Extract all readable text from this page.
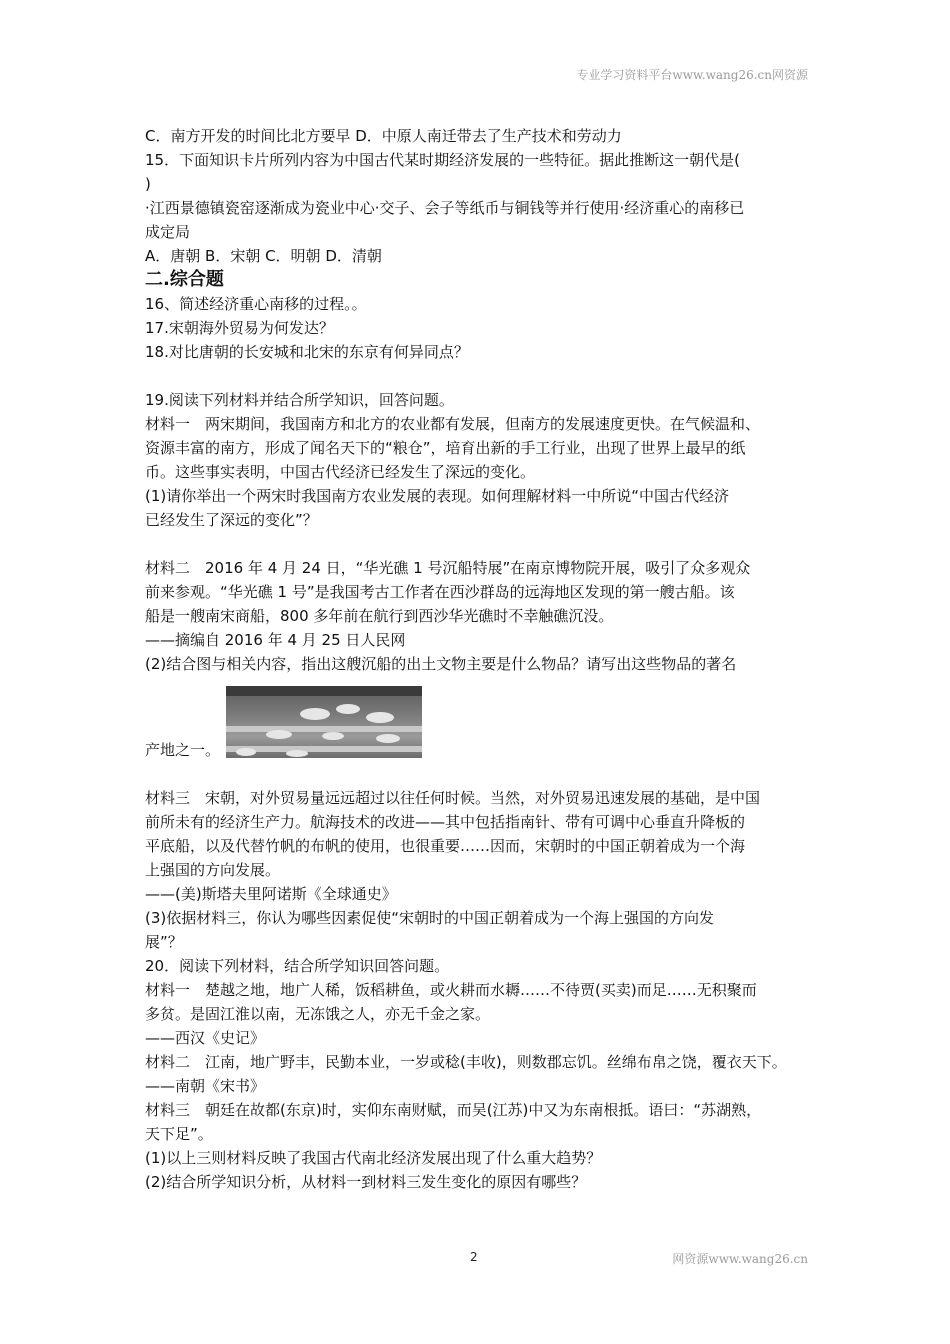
专业学习资料平台www.wang26.cn网资源

C．南方开发的时间比北方要早 D．中原人南迁带去了生产技术和劳动力

15．下面知识卡片所列内容为中国古代某时期经济发展的一些特征。据此推断这一朝代是(

)

·江西景德镇瓷窑逐渐成为瓷业中心·交子、会子等纸币与铜钱等并行使用·经济重心的南移已

成定局

A．唐朝 B．宋朝 C．明朝 D．清朝

二.综合题

16、简述经济重心南移的过程。。

17.宋朝海外贸易为何发达？

18.对比唐朝的长安城和北宋的东京有何异同点？

19.阅读下列材料并结合所学知识，回答问题。

材料一　两宋期间，我国南方和北方的农业都有发展，但南方的发展速度更快。在气候温和、

资源丰富的南方，形成了闻名天下的“粮仓”，培育出新的手工行业，出现了世界上最早的纸

币。这些事实表明，中国古代经济已经发生了深远的变化。

(1)请你举出一个两宋时我国南方农业发展的表现。如何理解材料一中所说“中国古代经济

已经发生了深远的变化”？

材料二　2016 年 4 月 24 日，“华光礁 1 号沉船特展”在南京博物院开展，吸引了众多观众

前来参观。“华光礁 1 号”是我国考古工作者在西沙群岛的远海地区发现的第一艘古船。该

船是一艘南宋商船，800 多年前在航行到西沙华光礁时不幸触礁沉没。

——摘编自 2016 年 4 月 25 日人民网

(2)结合图与相关内容，指出这艘沉船的出土文物主要是什么物品？请写出这些物品的著名

产地之一。

材料三　宋朝，对外贸易量远远超过以往任何时候。当然，对外贸易迅速发展的基础，是中国

前所未有的经济生产力。航海技术的改进——其中包括指南针、带有可调中心垂直升降板的

平底船，以及代替竹帆的布帆的使用，也很重要……因而，宋朝时的中国正朝着成为一个海

上强国的方向发展。

——(美)斯塔夫里阿诺斯《全球通史》

(3)依据材料三，你认为哪些因素促使“宋朝时的中国正朝着成为一个海上强国的方向发

展”？

20．阅读下列材料，结合所学知识回答问题。

材料一　楚越之地，地广人稀，饭稻耕鱼，或火耕而水耨……不待贾(买卖)而足……无积聚而

多贫。是固江淮以南，无冻饿之人，亦无千金之家。

——西汉《史记》

材料二　江南，地广野丰，民勤本业，一岁或稔(丰收)，则数郡忘饥。丝绵布帛之饶，覆衣天下。

——南朝《宋书》

材料三　朝廷在故都(东京)时，实仰东南财赋，而吴(江苏)中又为东南根抵。语曰：“苏湖熟，

天下足”。

(1)以上三则材料反映了我国古代南北经济发展出现了什么重大趋势？

(2)结合所学知识分析，从材料一到材料三发生变化的原因有哪些？

2	网资源www.wang26.cn
